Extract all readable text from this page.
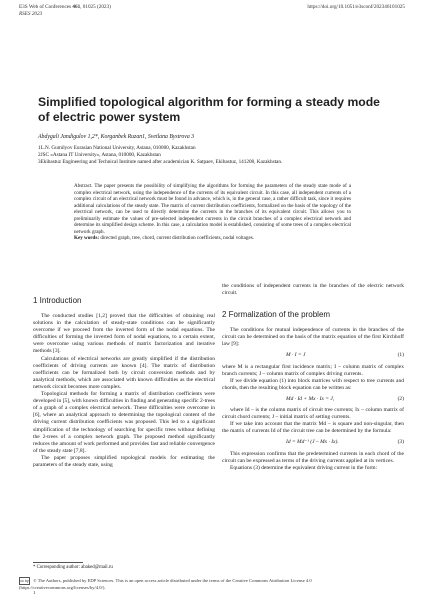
E3S Web of Conferences 461, 01025 (2023)
RSES 2023
https://doi.org/10.1051/e3sconf/202346101025
Simplified topological algorithm for forming a steady mode of electric power system
Abdygali Jandigulov 1,2*, Korganbek Ruzan1, Svetlana Bystrova 3
1L.N. Gumilyov Eurasian National University, Astana, 010000, Kazakhstan
2JSC «Astana IT University», Astana, 010000, Kazakhstan
3Ekibastuz Engineering and Technical Institute named after academician K. Satpaev, Ekibastuz, 141208, Kazakhstan.
Abstract. The paper presents the possibility of simplifying the algorithms for forming the parameters of the steady state mode of a complex electrical network, using the independence of the currents of its equivalent circuit. In this case, all independent currents of a complex circuit of an electrical network must be found in advance, which is, in the general case, a rather difficult task, since it requires additional calculations of the steady state. The matrix of current distribution coefficients, formalized on the basis of the topology of the electrical network, can be used to directly determine the currents in the branches of its equivalent circuit. This allows you to preliminarily estimate the values of pre-selected independent currents in the circuit branches of a complex electrical network and determine its simplified design scheme. In this case, a calculation model is established, consisting of some trees of a complex electrical network graph.
Key words: directed graph, tree, chord, current distribution coefficients, nodal voltages.
1 Introduction

The conducted studies [1,2] proved that the difficulties of obtaining real solutions in the calculation of steady-state conditions can be significantly overcome if we proceed from the inverted form of the nodal equations. The difficulties of forming the inverted form of nodal equations, to a certain extent, were overcome using various methods of matrix factorization and iterative methods [3].

Calculations of electrical networks are greatly simplified if the distribution coefficients of driving currents are known [4]. The matrix of distribution coefficients can be formalized both by circuit conversion methods and by analytical methods, which are associated with known difficulties as the electrical network circuit becomes more complex.

Topological methods for forming a matrix of distribution coefficients were developed in [5], with known difficulties in finding and generating specific 2-trees of a graph of a complex electrical network. These difficulties were overcome in [6], where an analytical approach to determining the topological content of the driving current distribution coefficients was proposed. This led to a significant simplification of the technology of searching for specific trees without defining the 2-trees of a complex network graph. The proposed method significantly reduces the amount of work performed and provides fast and reliable convergence of the steady state [7,8].

The paper proposes simplified topological models for estimating the parameters of the steady state, using

the conditions of independent currents in the branches of the electric network circuit.

2 Formalization of the problem

The conditions for mutual independence of currents in the branches of the circuit can be determined on the basis of the matrix equation of the first Kirchhoff law [9]:

M · I = J	(1)

where M is a rectangular first incidence matrix; I – column matrix of complex branch currents; J – column matrix of complex driving currents.

If we divide equation (1) into block matrices with respect to tree currents and chords, then the resulting block equation can be written as:

Md · Id + Mx · Ix = J,	(2)

where Id – is the column matrix of circuit tree currents; Ix – column matrix of circuit chord currents; J – initial matrix of setting currents.

If we take into account that the matrix Md – is square and non-singular, then the matrix of currents Id of the circuit tree can be determined by the formula:

Id = Md⁻¹ (J – Mx · Ix).	(3)

This expression confirms that the predetermined currents in each chord of the circuit can be expressed as terms of the driving currents applied at its vertices.

Equations (3) determine the equivalent driving current in the form:

* Corresponding author: abaked@mail.ru
cc by © The Authors, published by EDP Sciences. This is an open access article distributed under the terms of the Creative Commons Attribution License 4.0
(https://creativecommons.org/licenses/by/4.0/).
1
